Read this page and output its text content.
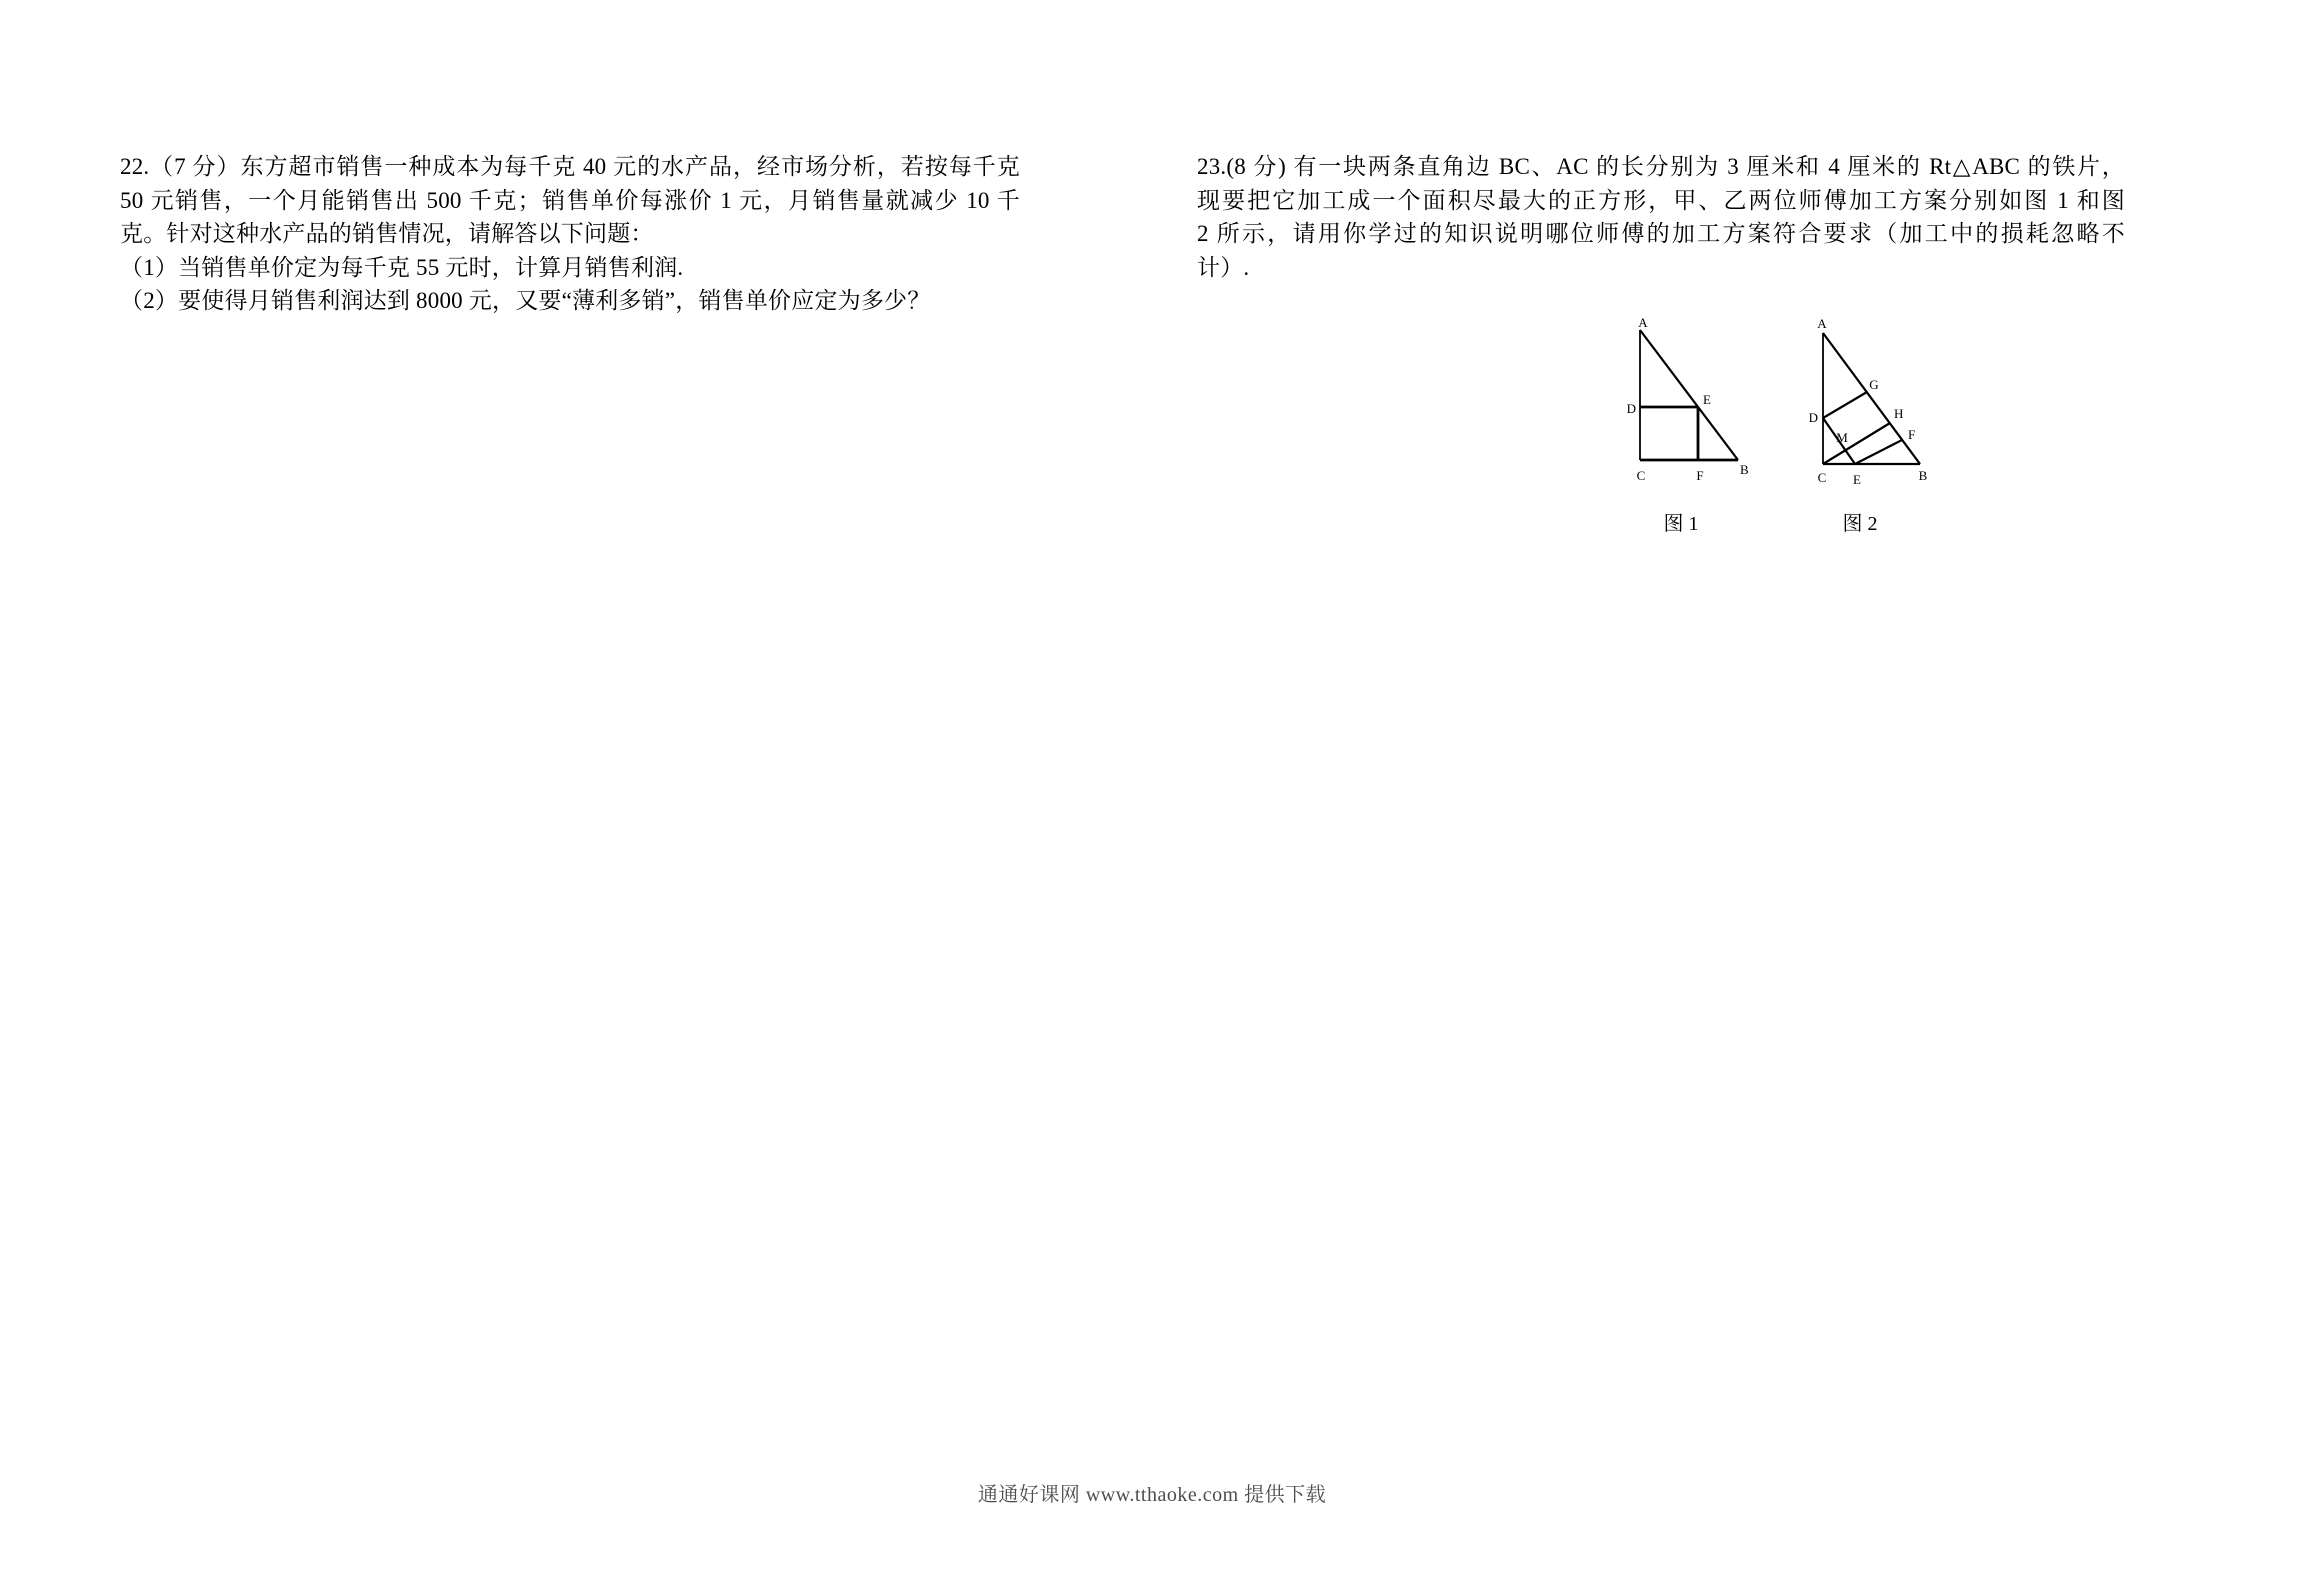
22.（7 分）东方超市销售一种成本为每千克 40 元的水产品，经市场分析，若按每千克
50 元销售，一个月能销售出 500 千克；销售单价每涨价 1 元，月销售量就减少 10 千
克。针对这种水产品的销售情况，请解答以下问题：
（1）当销售单价定为每千克 55 元时，计算月销售利润.
（2）要使得月销售利润达到 8000 元，又要“薄利多销”，销售单价应定为多少？
23.(8 分) 有一块两条直角边 BC、AC 的长分别为 3 厘米和 4 厘米的 Rt△ABC 的铁片，
现要把它加工成一个面积尽最大的正方形，甲、乙两位师傅加工方案分别如图 1 和图
2 所示，请用你学过的知识说明哪位师傅的加工方案符合要求（加工中的损耗忽略不
计）.
A
D
E
C	F	B
图 1
A
D
G
H
F
M
C E	B
图 2
通通好课网 www.tthaoke.com 提供下载
